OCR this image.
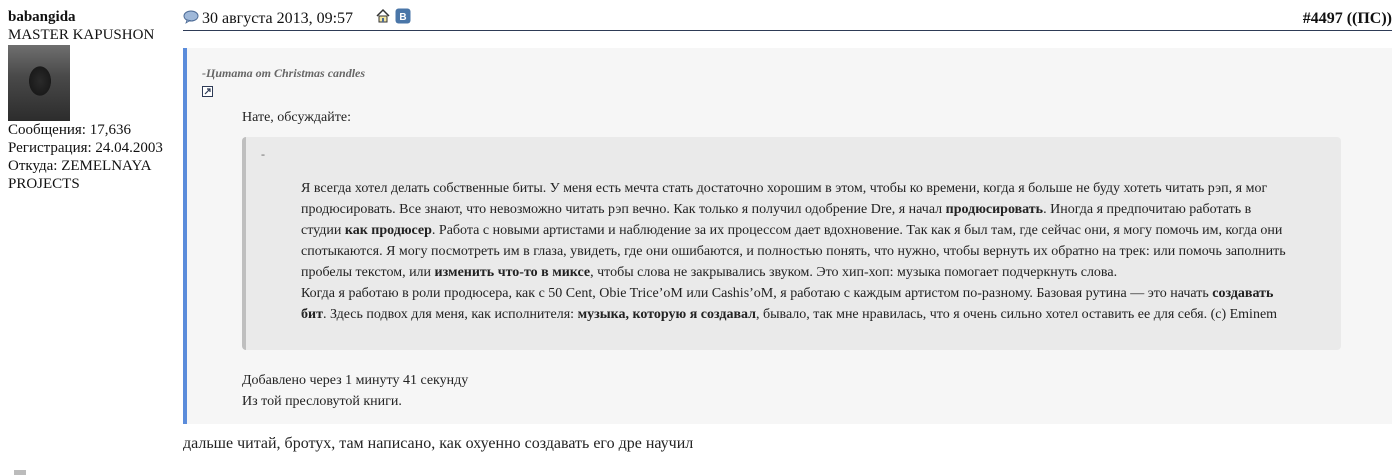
babangida
MASTER KAPUSHON
Сообщения: 17,636
Регистрация: 24.04.2003
Откуда: ZEMELNAYA PROJECTS
30 августа 2013, 09:57	B	#4497 ((ПС))
-Цитата от Christmas candles
Нате, обсуждайте:
-

Я всегда хотел делать собственные биты. У меня есть мечта стать достаточно хорошим в этом, чтобы ко времени, когда я больше не буду хотеть читать рэп, я мог продюсировать. Все знают, что невозможно читать рэп вечно. Как только я получил одобрение Dre, я начал продюсировать. Иногда я предпочитаю работать в студии как продюсер. Работа с новыми артистами и наблюдение за их процессом дает вдохновение. Так как я был там, где сейчас они, я могу помочь им, когда они спотыкаются. Я могу посмотреть им в глаза, увидеть, где они ошибаются, и полностью понять, что нужно, чтобы вернуть их обратно на трек: или помочь заполнить пробелы текстом, или изменить что-то в миксе, чтобы слова не закрывались звуком. Это хип-хоп: музыка помогает подчеркнуть слова.

Когда я работаю в роли продюсера, как с 50 Cent, Obie Trice’oM или Cashis’oM, я работаю с каждым артистом по-разному. Базовая рутина — это начать создавать бит. Здесь подвох для меня, как исполнителя: музыка, которую я создавал, бывало, так мне нравилась, что я очень сильно хотел оставить ее для себя. (с) Eminem

Добавлено через 1 минуту 41 секунду
Из той пресловутой книги.
дальше читай, бротух, там написано, как охуенно создавать его дре научил
